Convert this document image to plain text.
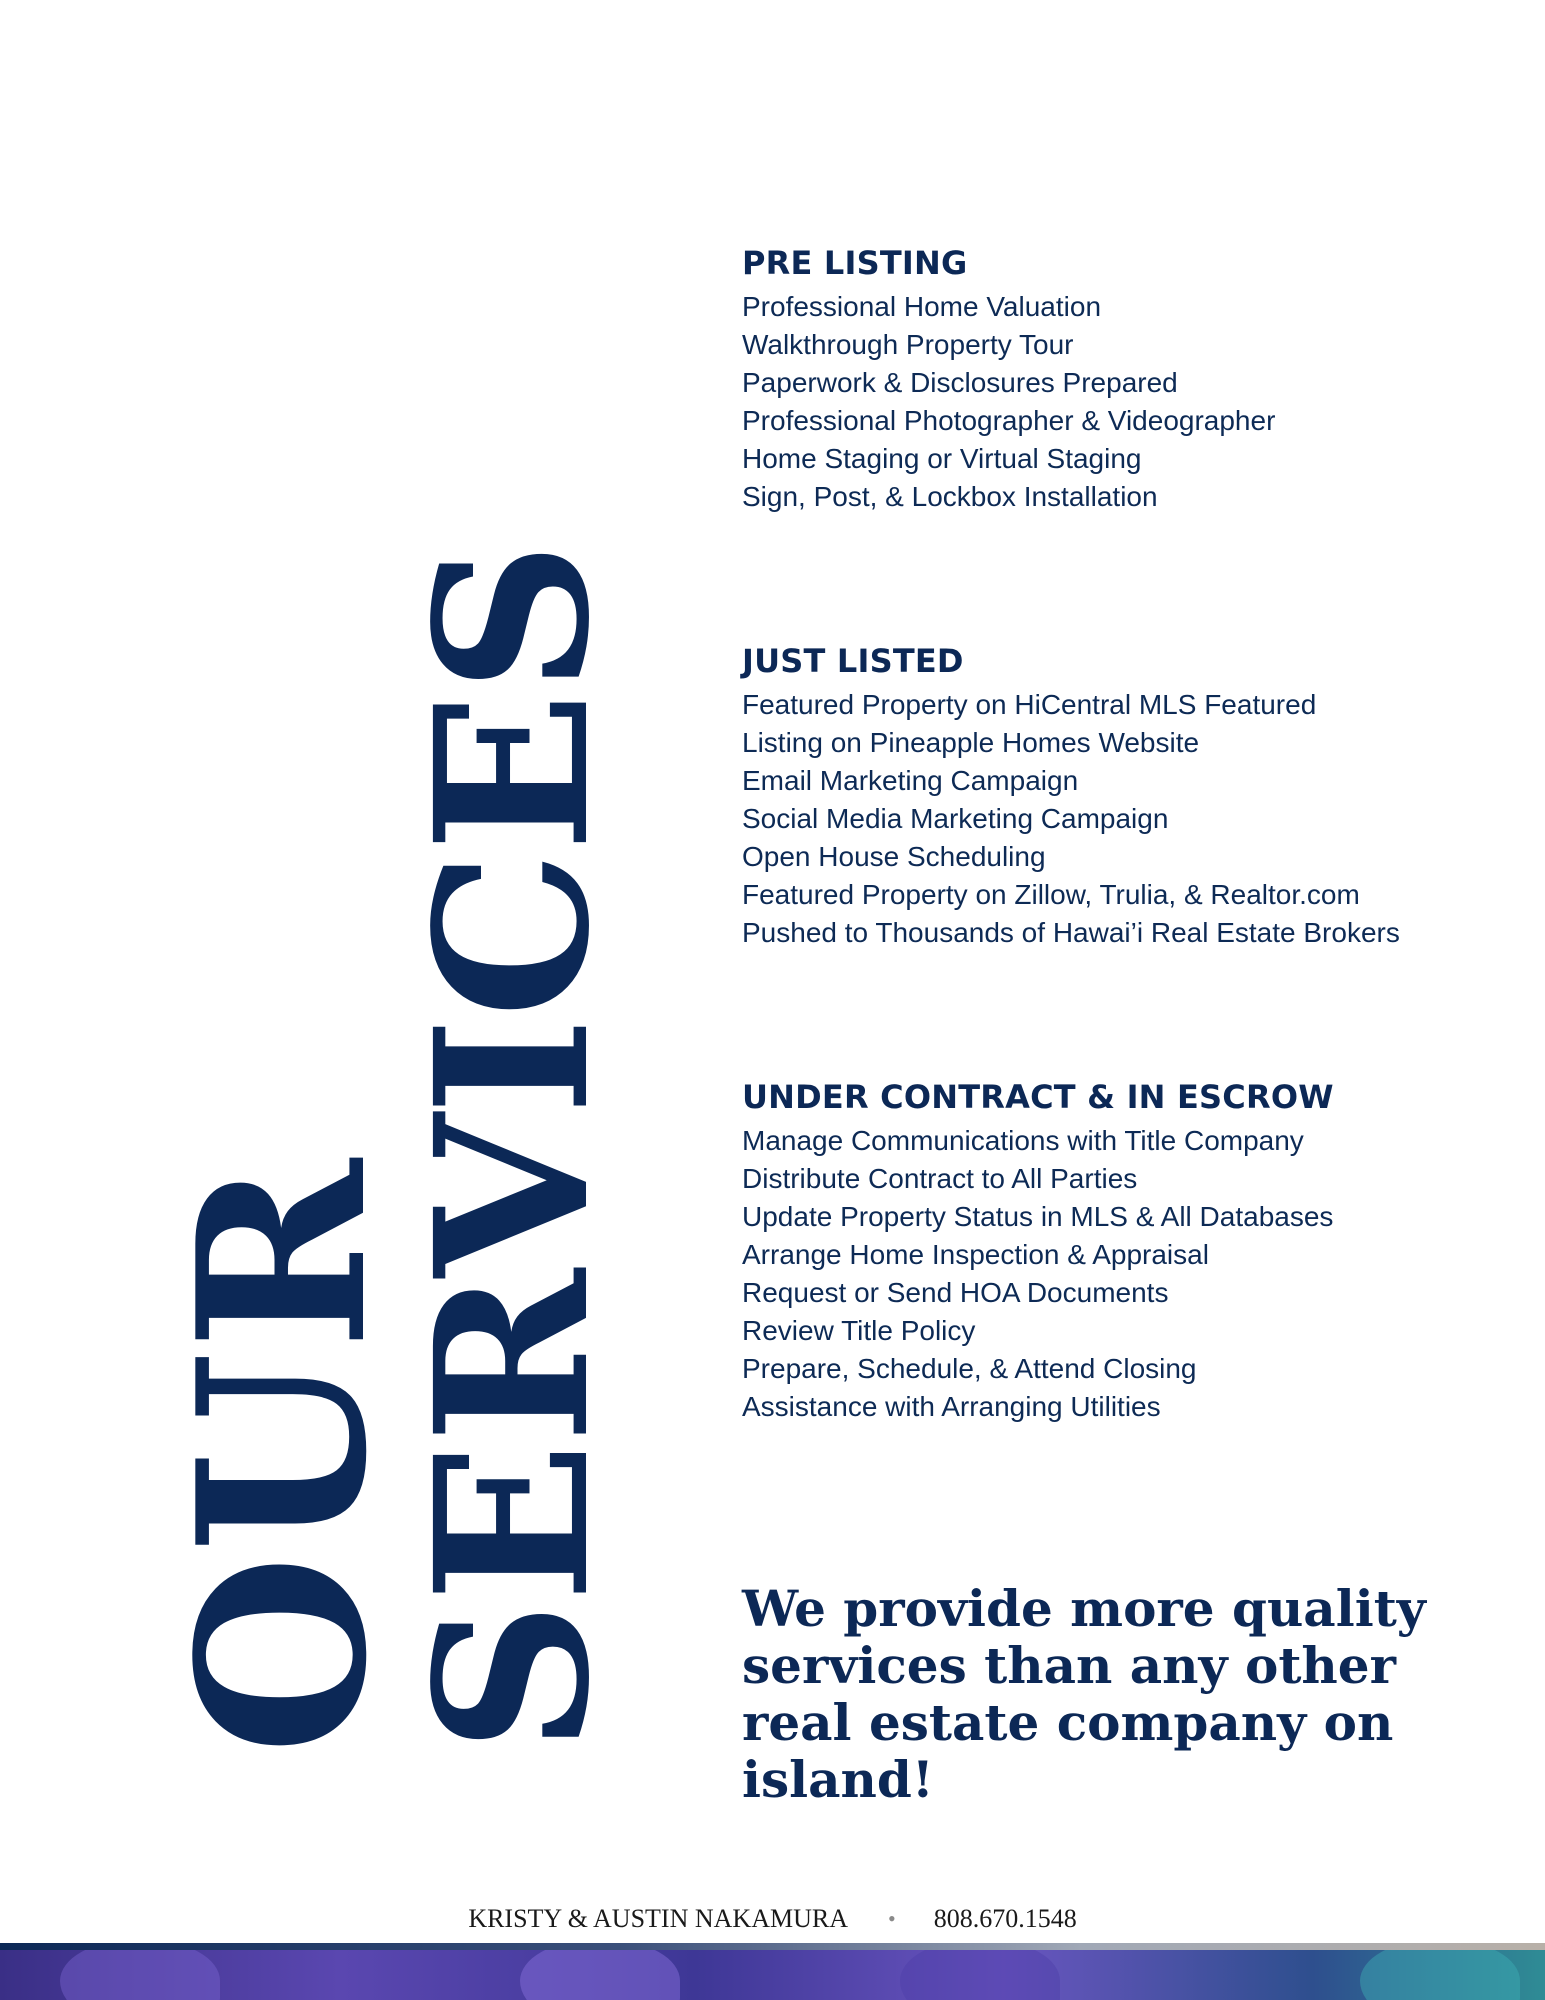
OUR
SERVICES
PRE LISTING
Professional Home Valuation
Walkthrough Property Tour
Paperwork & Disclosures Prepared
Professional Photographer & Videographer
Home Staging or Virtual Staging
Sign, Post, & Lockbox Installation
JUST LISTED
Featured Property on HiCentral MLS Featured
Listing on Pineapple Homes Website
Email Marketing Campaign
Social Media Marketing Campaign
Open House Scheduling
Featured Property on Zillow, Trulia, & Realtor.com
Pushed to Thousands of Hawai’i Real Estate Brokers
UNDER CONTRACT & IN ESCROW
Manage Communications with Title Company
Distribute Contract to All Parties
Update Property Status in MLS & All Databases
Arrange Home Inspection & Appraisal
Request or Send HOA Documents
Review Title Policy
Prepare, Schedule, & Attend Closing
Assistance with Arranging Utilities

We provide more quality services than any other real estate company on island!

KRISTY & AUSTIN NAKAMURA • 808.670.1548
